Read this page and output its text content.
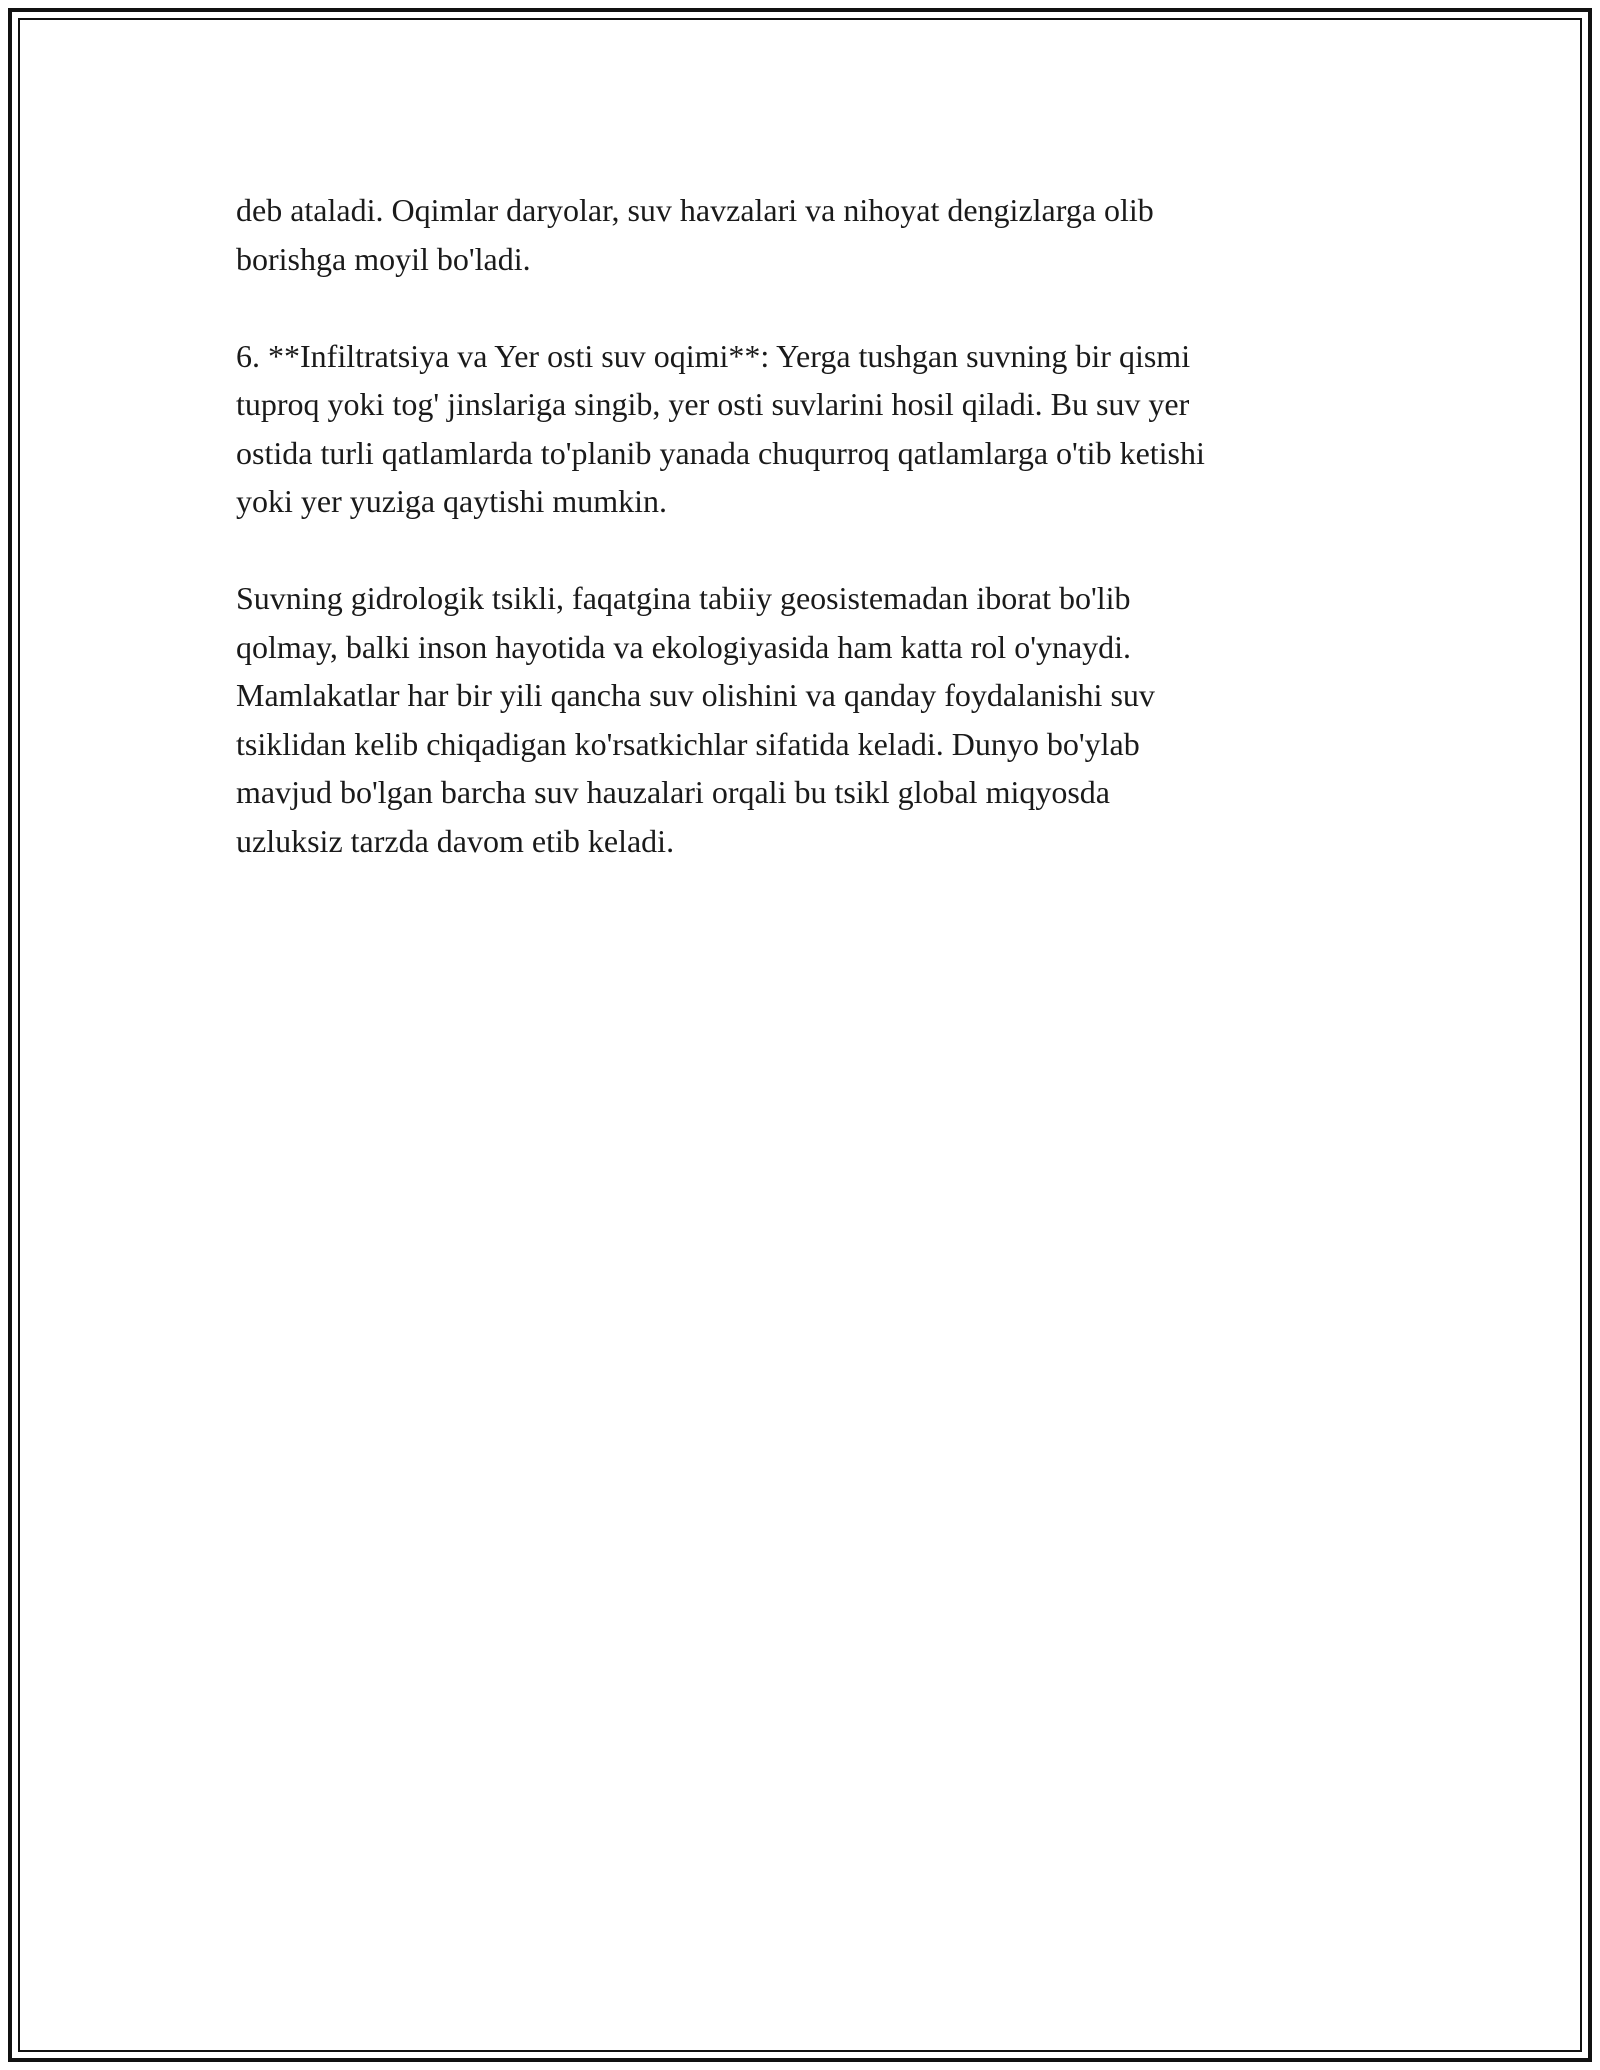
deb ataladi. Oqimlar daryolar, suv havzalari va nihoyat dengizlarga olib
borishga moyil bo'ladi.

6. **Infiltratsiya va Yer osti suv oqimi**: Yerga tushgan suvning bir qismi
tuproq yoki tog' jinslariga singib, yer osti suvlarini hosil qiladi. Bu suv yer
ostida turli qatlamlarda to'planib yanada chuqurroq qatlamlarga o'tib ketishi
yoki yer yuziga qaytishi mumkin.

Suvning gidrologik tsikli, faqatgina tabiiy geosistemadan iborat bo'lib
qolmay, balki inson hayotida va ekologiyasida ham katta rol o'ynaydi.
Mamlakatlar har bir yili qancha suv olishini va qanday foydalanishi suv
tsiklidan kelib chiqadigan ko'rsatkichlar sifatida keladi. Dunyo bo'ylab
mavjud bo'lgan barcha suv hauzalari orqali bu tsikl global miqyosda
uzluksiz tarzda davom etib keladi.
